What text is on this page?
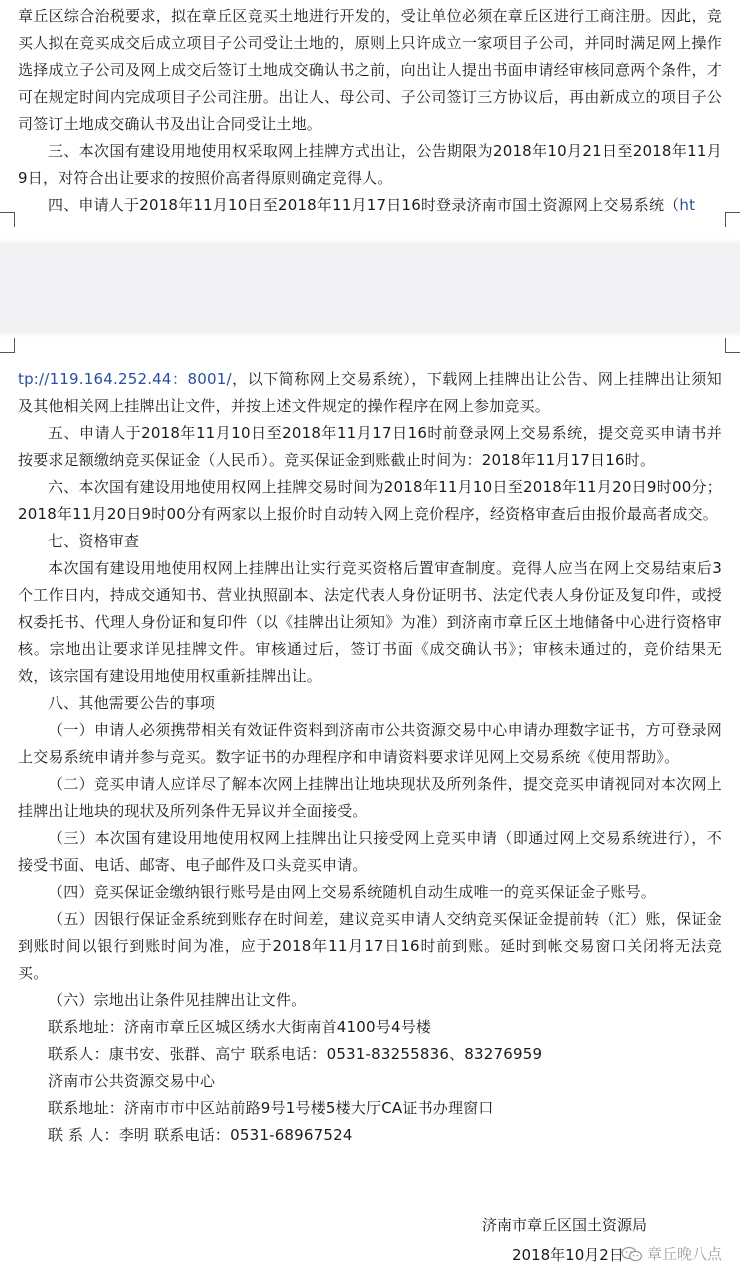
章丘区综合治税要求，拟在章丘区竞买土地进行开发的，受让单位必须在章丘区进行工商注册。因此，竞买人拟在竞买成交后成立项目子公司受让土地的，原则上只许成立一家项目子公司，并同时满足网上操作选择成立子公司及网上成交后签订土地成交确认书之前，向出让人提出书面申请经审核同意两个条件，才可在规定时间内完成项目子公司注册。出让人、母公司、子公司签订三方协议后，再由新成立的项目子公司签订土地成交确认书及出让合同受让土地。

三、本次国有建设用地使用权采取网上挂牌方式出让，公告期限为2018年10月21日至2018年11月9日，对符合出让要求的按照价高者得原则确定竞得人。

四、申请人于2018年11月10日至2018年11月17日16时登录济南市国土资源网上交易系统（ht

tp://119.164.252.44：8001/，以下简称网上交易系统），下载网上挂牌出让公告、网上挂牌出让须知及其他相关网上挂牌出让文件，并按上述文件规定的操作程序在网上参加竞买。

五、申请人于2018年11月10日至2018年11月17日16时前登录网上交易系统，提交竞买申请书并按要求足额缴纳竞买保证金（人民币）。竞买保证金到账截止时间为：2018年11月17日16时。

六、本次国有建设用地使用权网上挂牌交易时间为2018年11月10日至2018年11月20日9时00分；2018年11月20日9时00分有两家以上报价时自动转入网上竞价程序，经资格审查后由报价最高者成交。

七、资格审查

本次国有建设用地使用权网上挂牌出让实行竞买资格后置审查制度。竞得人应当在网上交易结束后3个工作日内，持成交通知书、营业执照副本、法定代表人身份证明书、法定代表人身份证及复印件，或授权委托书、代理人身份证和复印件（以《挂牌出让须知》为准）到济南市章丘区土地储备中心进行资格审核。宗地出让要求详见挂牌文件。审核通过后，签订书面《成交确认书》；审核未通过的，竞价结果无效，该宗国有建设用地使用权重新挂牌出让。

八、其他需要公告的事项

（一）申请人必须携带相关有效证件资料到济南市公共资源交易中心申请办理数字证书，方可登录网上交易系统申请并参与竞买。数字证书的办理程序和申请资料要求详见网上交易系统《使用帮助》。

（二）竞买申请人应详尽了解本次网上挂牌出让地块现状及所列条件，提交竞买申请视同对本次网上挂牌出让地块的现状及所列条件无异议并全面接受。

（三）本次国有建设用地使用权网上挂牌出让只接受网上竞买申请（即通过网上交易系统进行），不接受书面、电话、邮寄、电子邮件及口头竞买申请。

（四）竞买保证金缴纳银行账号是由网上交易系统随机自动生成唯一的竞买保证金子账号。

（五）因银行保证金系统到账存在时间差，建议竞买申请人交纳竞买保证金提前转（汇）账，保证金到账时间以银行到账时间为准，应于2018年11月17日16时前到账。延时到帐交易窗口关闭将无法竞买。

（六）宗地出让条件见挂牌出让文件。

联系地址：济南市章丘区城区绣水大街南首4100号4号楼

联系人：康书安、张群、高宁 联系电话：0531-83255836、83276959

济南市公共资源交易中心

联系地址：济南市市中区站前路9号1号楼5楼大厅CA证书办理窗口

联 系 人：李明 联系电话：0531-68967524

济南市章丘区国土资源局
2018年10月2日 章丘晚八点
